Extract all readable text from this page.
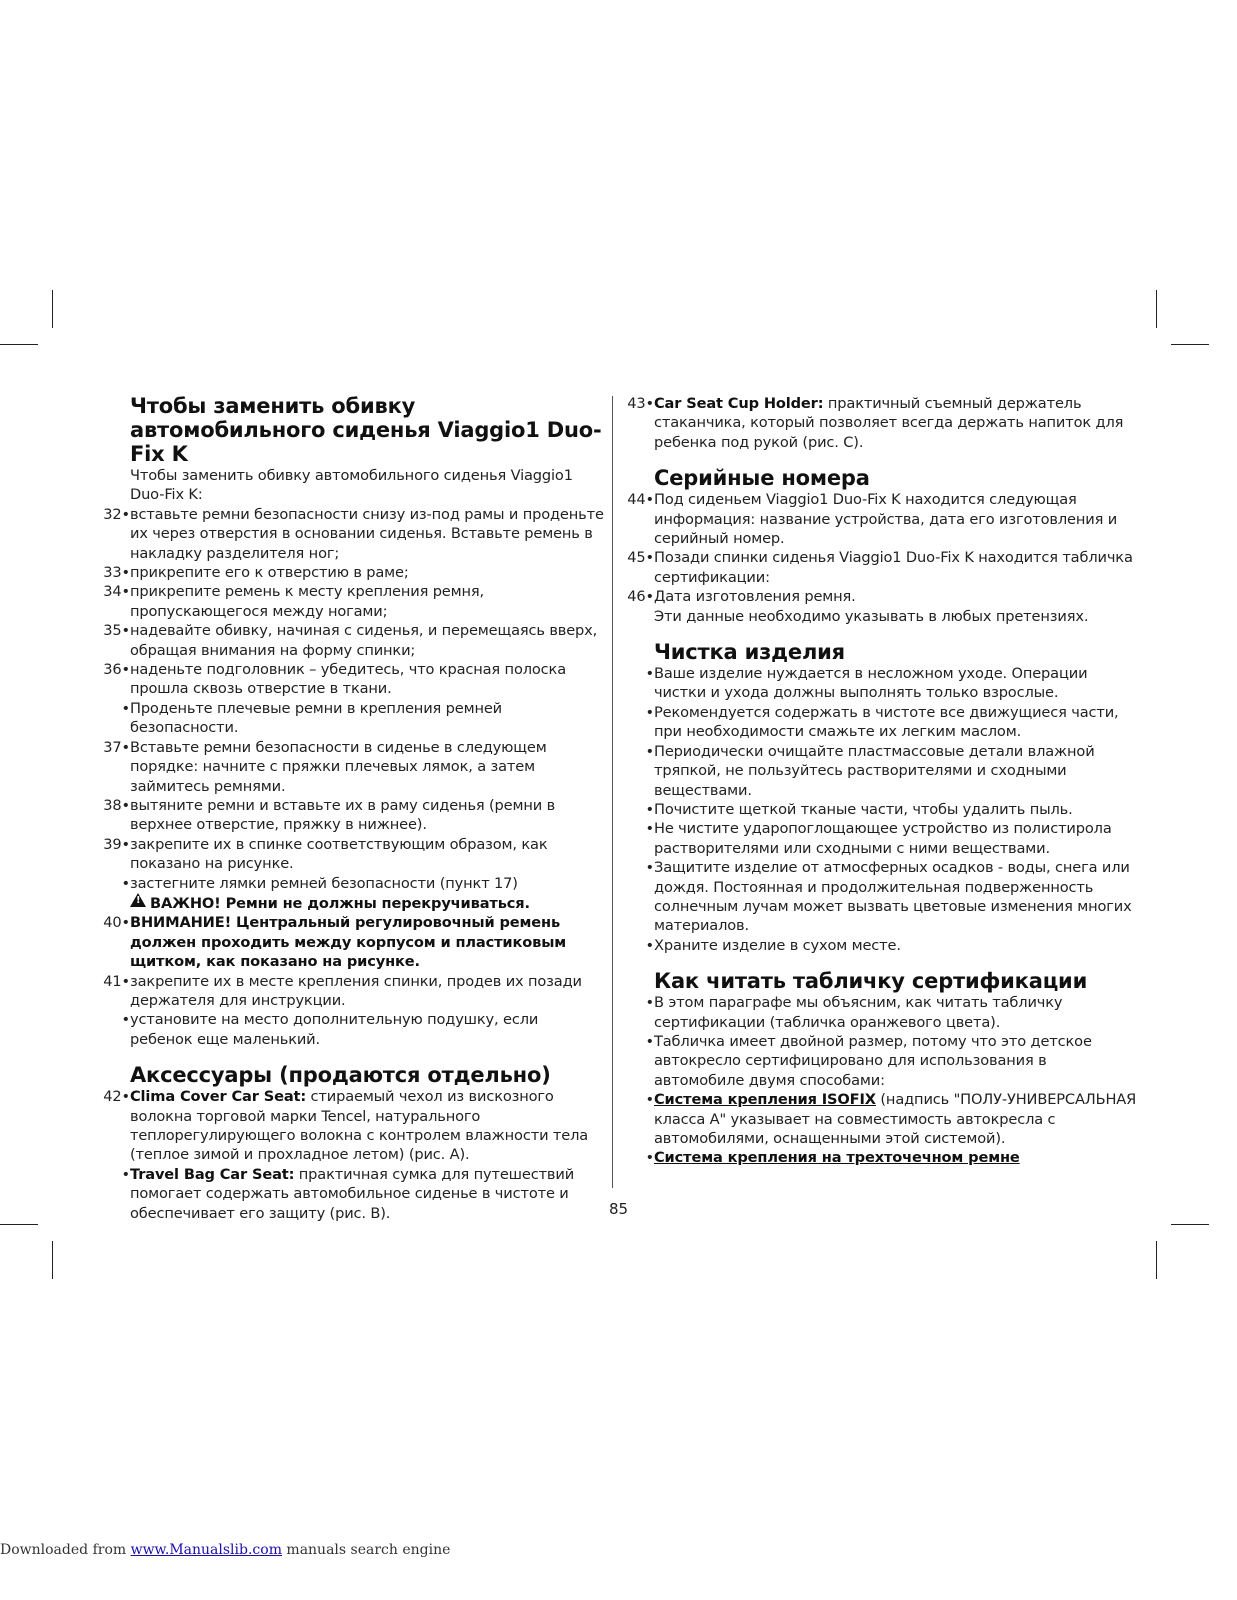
Чтобы заменить обивку автомобильного сиденья Viaggio1 Duo-Fix K
Чтобы заменить обивку автомобильного сиденья Viaggio1 Duo-Fix K:
32• вставьте ремни безопасности снизу из-под рамы и проденьте их через отверстия в основании сиденья. Вставьте ремень в накладку разделителя ног;
33• прикрепите его к отверстию в раме;
34• прикрепите ремень к месту крепления ремня, пропускающегося между ногами;
35• надевайте обивку, начиная с сиденья, и перемещаясь вверх, обращая внимания на форму спинки;
36• наденьте подголовник – убедитесь, что красная полоска прошла сквозь отверстие в ткани.
• Проденьте плечевые ремни в крепления ремней безопасности.
37• Вставьте ремни безопасности в сиденье в следующем порядке: начните с пряжки плечевых лямок, а затем займитесь ремнями.
38• вытяните ремни и вставьте их в раму сиденья (ремни в верхнее отверстие, пряжку в нижнее).
39• закрепите их в спинке соответствующим образом, как показано на рисунке.
• застегните лямки ремней безопасности (пункт 17)
!ВАЖНО! Ремни не должны перекручиваться.
40• ВНИМАНИЕ! Центральный регулировочный ремень должен проходить между корпусом и пластиковым щитком, как показано на рисунке.
41• закрепите их в месте крепления спинки, продев их позади держателя для инструкции.
• установите на место дополнительную подушку, если ребенок еще маленький.
Аксессуары (продаются отдельно)
42• Clima Cover Car Seat: стираемый чехол из вискозного волокна торговой марки Tencel, натурального теплорегулирующего волокна с контролем влажности тела (теплое зимой и прохладное летом) (рис. A).
• Travel Bag Car Seat: практичная сумка для путешествий помогает содержать автомобильное сиденье в чистоте и обеспечивает его защиту (рис. B).
43• Car Seat Cup Holder: практичный съемный держатель стаканчика, который позволяет всегда держать напиток для ребенка под рукой (рис. C).
Серийные номера
44• Под сиденьем Viaggio1 Duo-Fix K находится следующая информация: название устройства, дата его изготовления и серийный номер.
45• Позади спинки сиденья Viaggio1 Duo-Fix K находится табличка сертификации:
46• Дата изготовления ремня.
Эти данные необходимо указывать в любых претензиях.
Чистка изделия
• Ваше изделие нуждается в несложном уходе. Операции чистки и ухода должны выполнять только взрослые.
• Рекомендуется содержать в чистоте все движущиеся части, при необходимости смажьте их легким маслом.
• Периодически очищайте пластмассовые детали влажной тряпкой, не пользуйтесь растворителями и сходными веществами.
• Почистите щеткой тканые части, чтобы удалить пыль.
• Не чистите ударопоглощающее устройство из полистирола растворителями или сходными с ними веществами.
• Защитите изделие от атмосферных осадков - воды, снега или дождя. Постоянная и продолжительная подверженность солнечным лучам может вызвать цветовые изменения многих материалов.
• Храните изделие в сухом месте.
Как читать табличку сертификации
• В этом параграфе мы объясним, как читать табличку сертификации (табличка оранжевого цвета).
• Табличка имеет двойной размер, потому что это детское автокресло сертифицировано для использования в автомобиле двумя способами:
• Система крепления ISOFIX (надпись "ПОЛУ-УНИВЕРСАЛЬНАЯ класса А" указывает на совместимость автокресла с автомобилями, оснащенными этой системой).
• Система крепления на трехточечном ремне
85
Downloaded from www.Manualslib.com manuals search engine
